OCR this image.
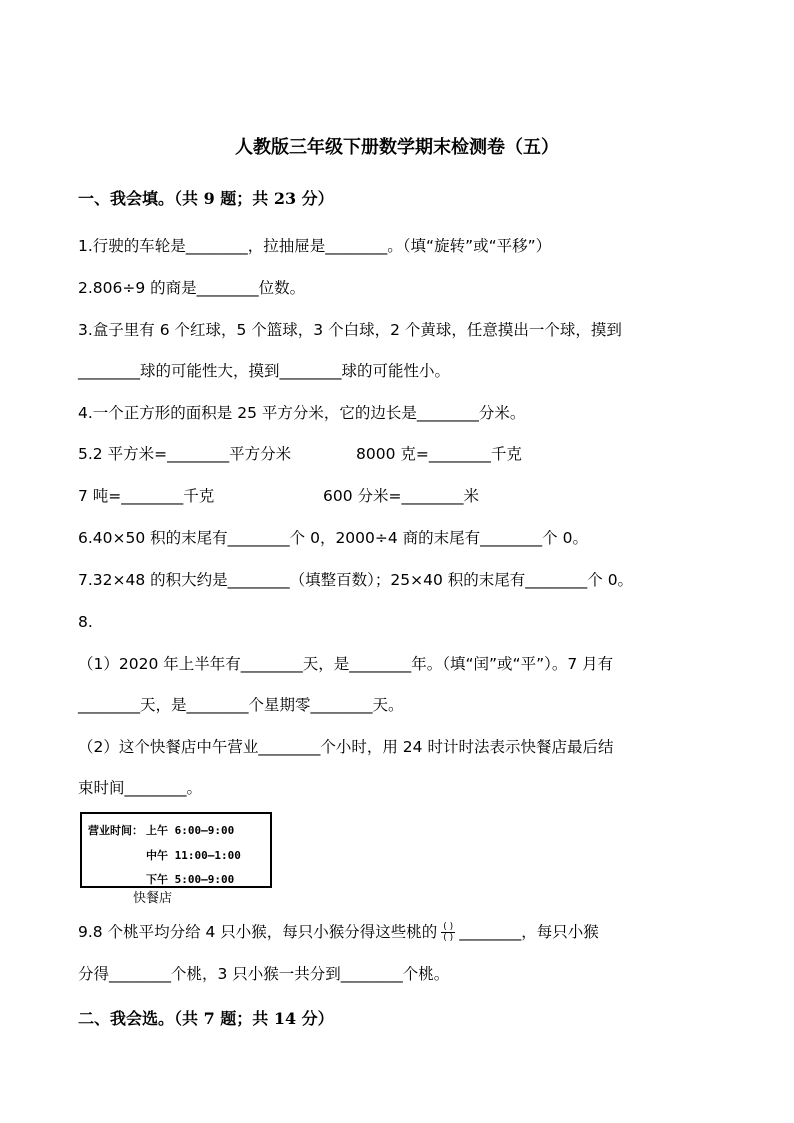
人教版三年级下册数学期末检测卷（五）
一、我会填。（共 9 题；共 23 分）
1.行驶的车轮是________，拉抽屉是________。（填“旋转”或“平移”）
2.806÷9 的商是________位数。
3.盒子里有 6 个红球，5 个篮球，3 个白球，2 个黄球，任意摸出一个球，摸到
________球的可能性大，摸到________球的可能性小。
4.一个正方形的面积是 25 平方分米，它的边长是________分米。
5.2 平方米=________平方分米	8000 克=________千克
7 吨=________千克	600 分米=________米
6.40×50 积的末尾有________个 0，2000÷4 商的末尾有________个 0。
7.32×48 的积大约是________（填整百数）；25×40 积的末尾有________个 0。
8.
（1）2020 年上半年有________天，是________年。（填“闰”或“平”）。7 月有
________天，是________个星期零________天。
（2）这个快餐店中午营业________个小时，用 24 时计时法表示快餐店最后结
束时间________。
营业时间： 上午 6:00—9:00
中午 11:00—1:00
下午 5:00—9:00
快餐店
9.8 个桃平均分给 4 只小猴，每只小猴分得这些桃的 $\frac{( )}{( )}$ ________，每只小猴
分得________个桃，3 只小猴一共分到________个桃。
二、我会选。（共 7 题；共 14 分）
